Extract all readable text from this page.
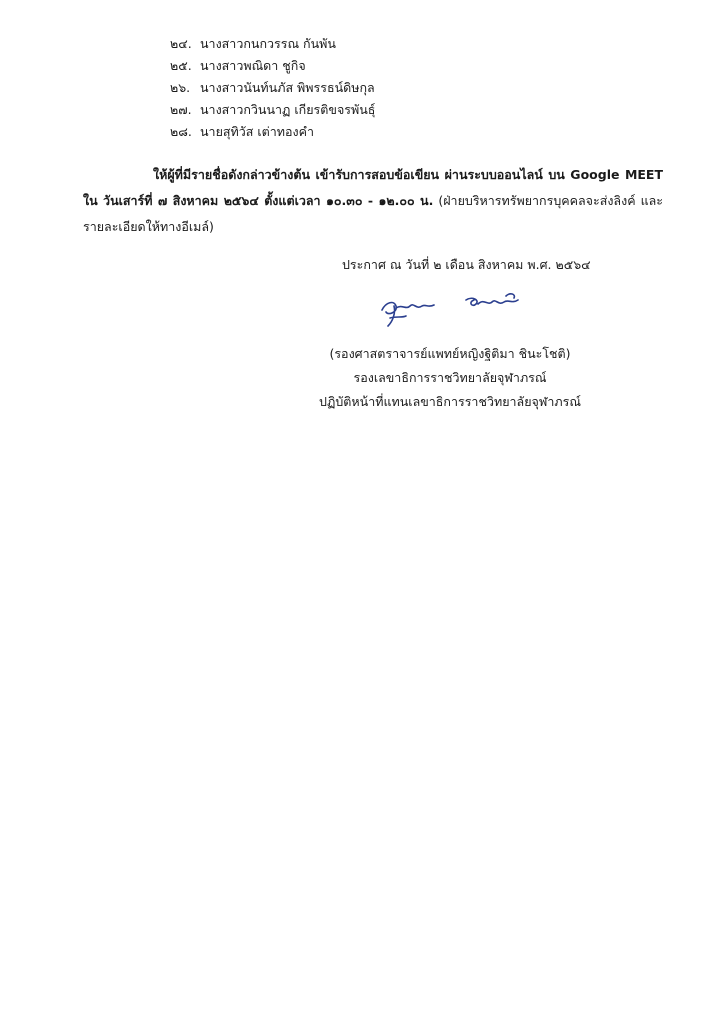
๒๔. นางสาวกนกวรรณ กันพัน
๒๕. นางสาวพณิดา ชูกิจ
๒๖. นางสาวนันท์นภัส พิพรรธน์ดิษกุล
๒๗. นางสาวกวินนาฏ เกียรติขจรพันธุ์
๒๘. นายสุทิวัส เต่าทองคำ
ให้ผู้ที่มีรายชื่อดังกล่าวข้างต้น เข้ารับการสอบข้อเขียน ผ่านระบบออนไลน์ บน Google MEET ใน วันเสาร์ที่ ๗ สิงหาคม ๒๕๖๔ ตั้งแต่เวลา ๑๐.๓๐ - ๑๒.๐๐ น. (ฝ่ายบริหารทรัพยากรบุคคลจะส่งลิงค์ และรายละเอียดให้ทางอีเมล์)
ประกาศ ณ วันที่ ๒ เดือน สิงหาคม พ.ศ. ๒๕๖๔
(รองศาสตราจารย์แพทย์หญิงฐิติมา ชินะโชติ)
รองเลขาธิการราชวิทยาลัยจุฬาภรณ์
ปฏิบัติหน้าที่แทนเลขาธิการราชวิทยาลัยจุฬาภรณ์
